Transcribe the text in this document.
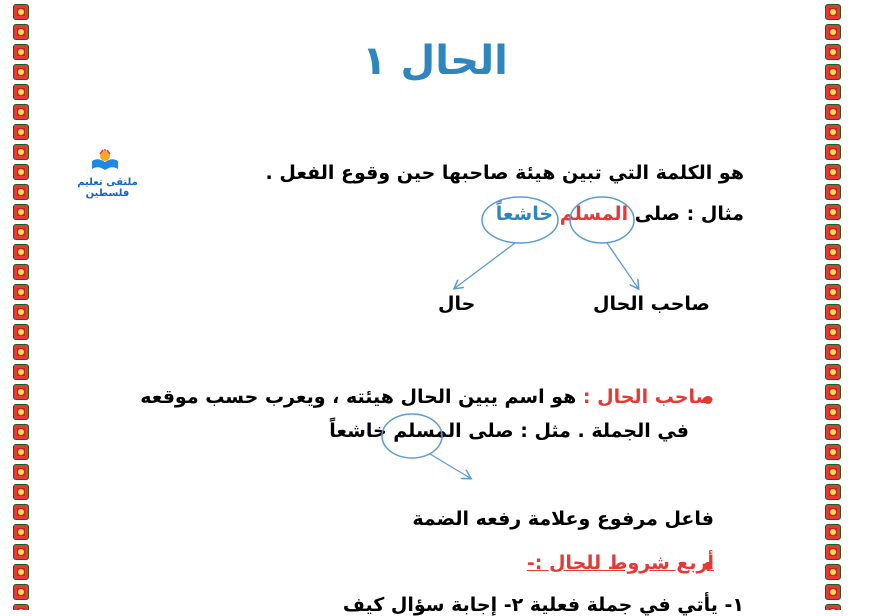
الحال ١
ملتقى تعليم فلسطين
هو الكلمة التي تبين هيئة صاحبها حين وقوع الفعل .
مثال : صلى المسلم خاشعاً
صاحب الحال
حال
صاحب الحال : هو اسم يبين الحال هيئته ، ويعرب حسب موقعه
في الجملة . مثل : صلى المسلم خاشعاً
فاعل مرفوع وعلامة رفعه الضمة
أربع شروط للحال :-
١- يأتي في جملة فعلية ٢- إجابة سؤال كيف
